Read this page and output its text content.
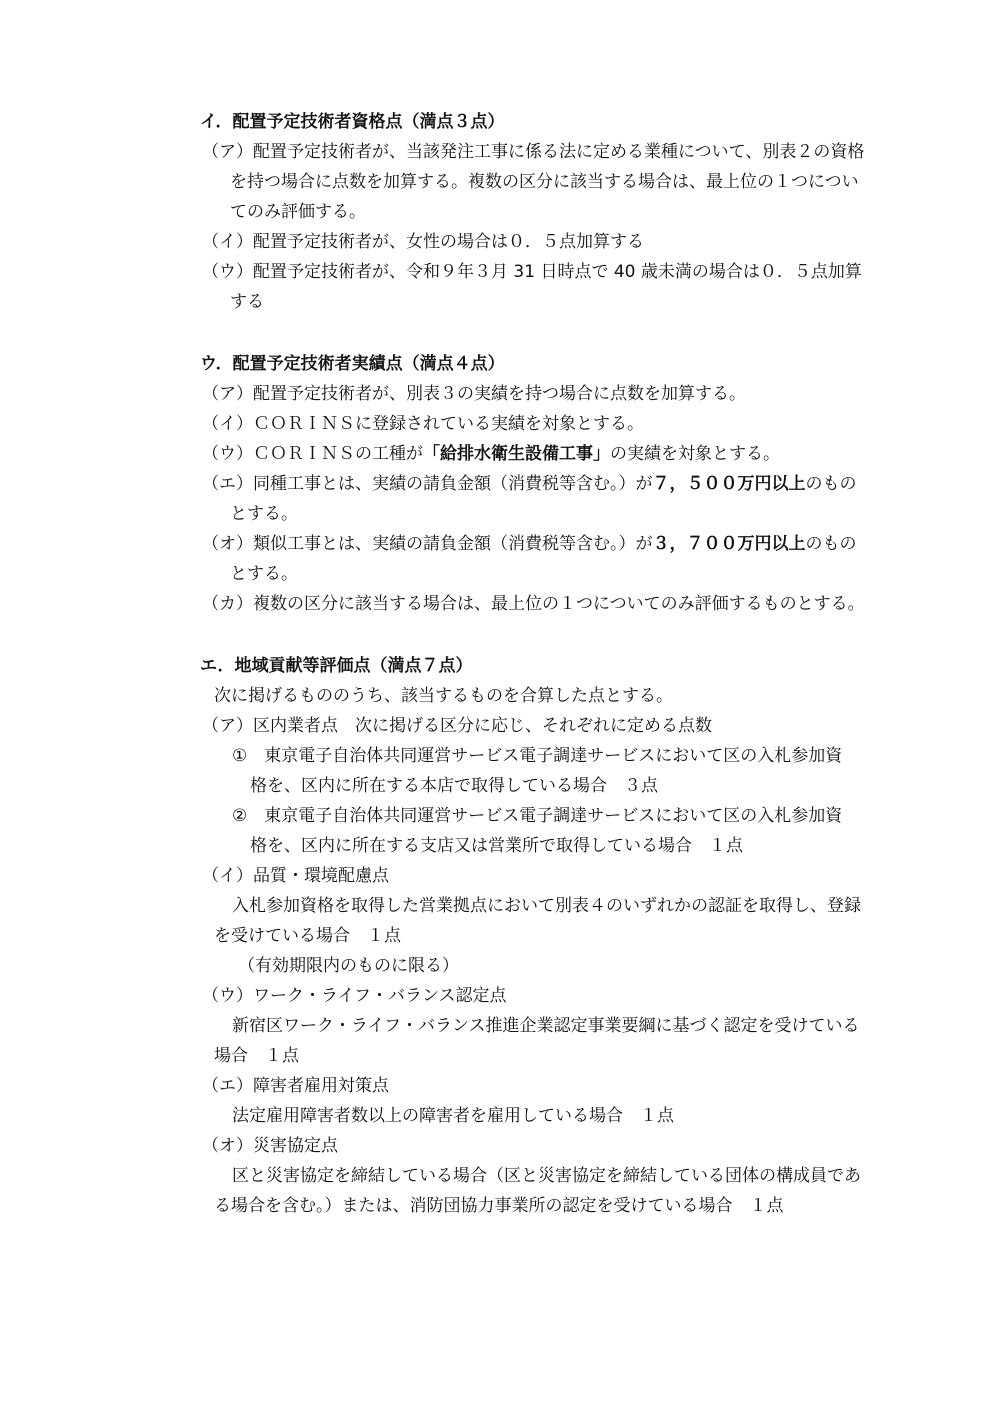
イ．配置予定技術者資格点（満点３点）
（ア）配置予定技術者が、当該発注工事に係る法に定める業種について、別表２の資格
を持つ場合に点数を加算する。複数の区分に該当する場合は、最上位の１つについ
てのみ評価する。
（イ）配置予定技術者が、女性の場合は０．５点加算する
（ウ）配置予定技術者が、令和９年３月 31 日時点で 40 歳未満の場合は０．５点加算
する
ウ．配置予定技術者実績点（満点４点）
（ア）配置予定技術者が、別表３の実績を持つ場合に点数を加算する。
（イ）ＣＯＲＩＮＳに登録されている実績を対象とする。
（ウ）ＣＯＲＩＮＳの工種が「給排水衛生設備工事」の実績を対象とする。
（エ）同種工事とは、実績の請負金額（消費税等含む。）が７，５００万円以上のもの
とする。
（オ）類似工事とは、実績の請負金額（消費税等含む。）が３，７００万円以上のもの
とする。
（カ）複数の区分に該当する場合は、最上位の１つについてのみ評価するものとする。
エ．地域貢献等評価点（満点７点）
次に掲げるもののうち、該当するものを合算した点とする。
（ア）区内業者点　次に掲げる区分に応じ、それぞれに定める点数
①　東京電子自治体共同運営サービス電子調達サービスにおいて区の入札参加資
格を、区内に所在する本店で取得している場合　３点
②　東京電子自治体共同運営サービス電子調達サービスにおいて区の入札参加資
格を、区内に所在する支店又は営業所で取得している場合　１点
（イ）品質・環境配慮点
入札参加資格を取得した営業拠点において別表４のいずれかの認証を取得し、登録
を受けている場合　１点
（有効期限内のものに限る）
（ウ）ワーク・ライフ・バランス認定点
新宿区ワーク・ライフ・バランス推進企業認定事業要綱に基づく認定を受けている
場合　１点
（エ）障害者雇用対策点
法定雇用障害者数以上の障害者を雇用している場合　１点
（オ）災害協定点
区と災害協定を締結している場合（区と災害協定を締結している団体の構成員であ
る場合を含む。）または、消防団協力事業所の認定を受けている場合　１点
